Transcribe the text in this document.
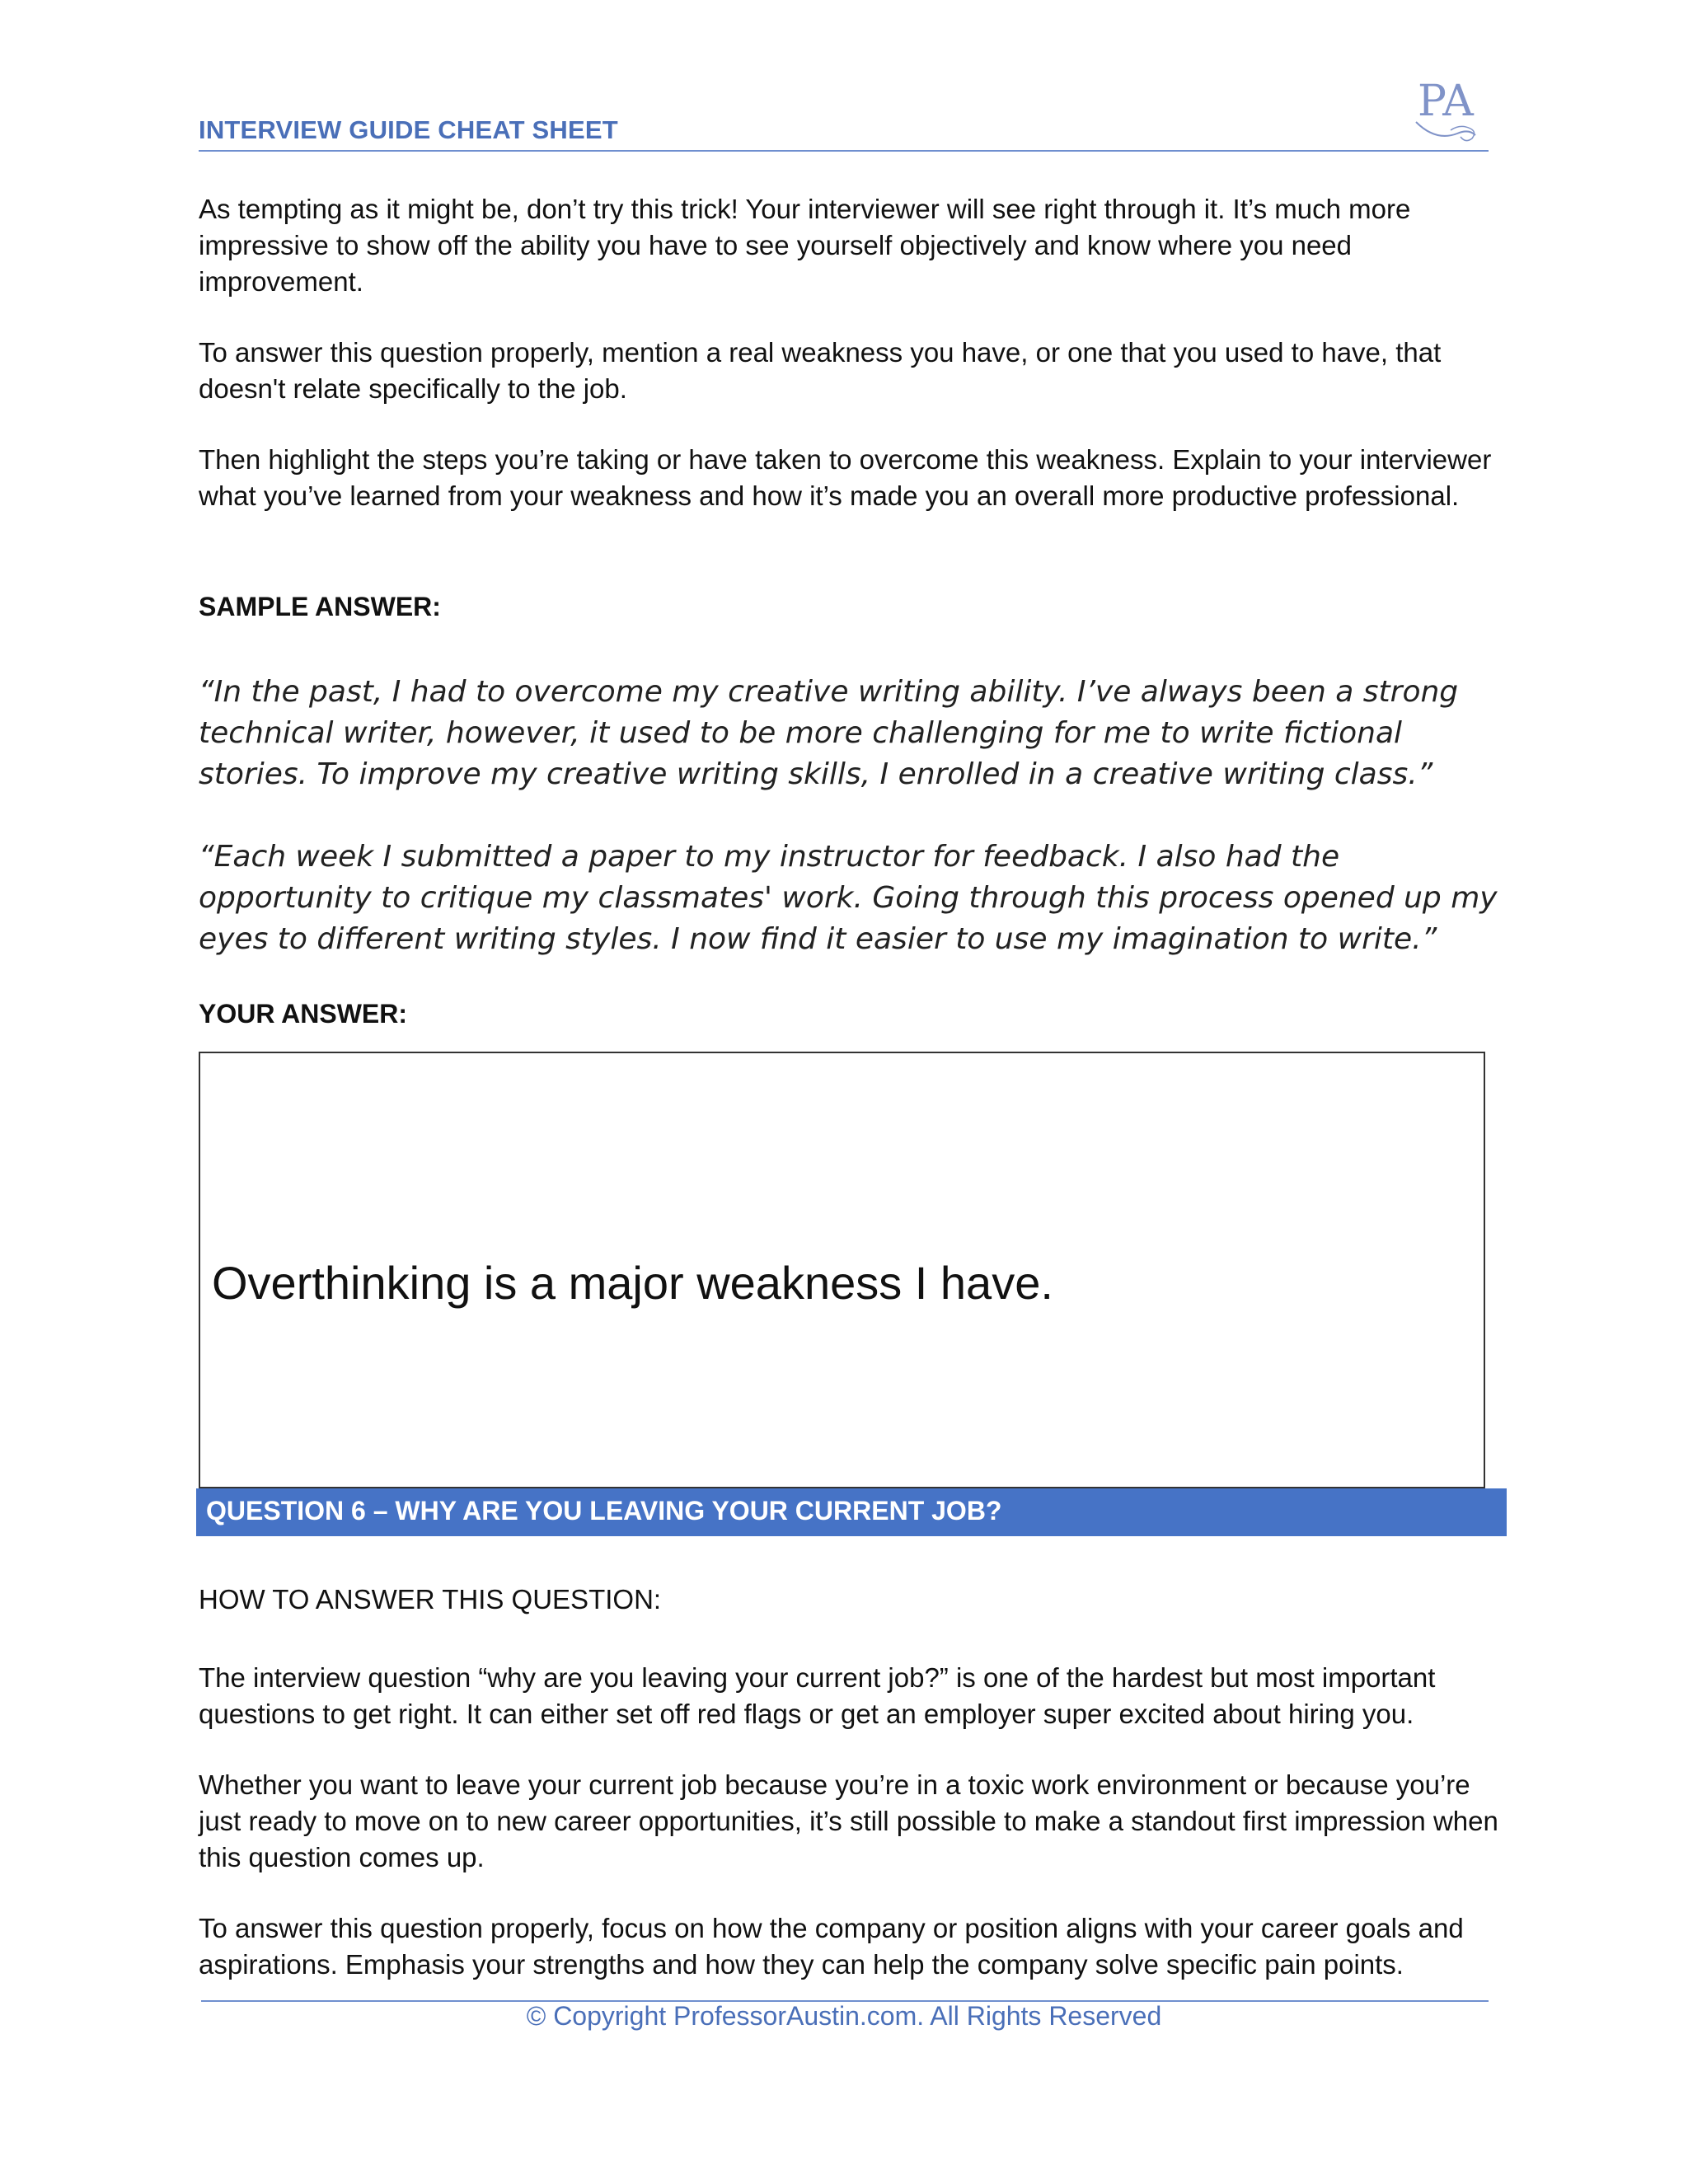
INTERVIEW GUIDE CHEAT SHEET
PA

As tempting as it might be, don’t try this trick! Your interviewer will see right through it. It’s much more impressive to show off the ability you have to see yourself objectively and know where you need improvement.

To answer this question properly, mention a real weakness you have, or one that you used to have, that doesn't relate specifically to the job.

Then highlight the steps you’re taking or have taken to overcome this weakness. Explain to your interviewer what you’ve learned from your weakness and how it’s made you an overall more productive professional.

SAMPLE ANSWER:

“In the past, I had to overcome my creative writing ability. I’ve always been a strong technical writer, however, it used to be more challenging for me to write fictional stories. To improve my creative writing skills, I enrolled in a creative writing class.”

“Each week I submitted a paper to my instructor for feedback. I also had the opportunity to critique my classmates' work. Going through this process opened up my eyes to different writing styles. I now find it easier to use my imagination to write.”

YOUR ANSWER:
Overthinking is a major weakness I have.
QUESTION 6 – WHY ARE YOU LEAVING YOUR CURRENT JOB?

HOW TO ANSWER THIS QUESTION:

The interview question “why are you leaving your current job?” is one of the hardest but most important questions to get right. It can either set off red flags or get an employer super excited about hiring you.

Whether you want to leave your current job because you’re in a toxic work environment or because you’re just ready to move on to new career opportunities, it’s still possible to make a standout first impression when this question comes up.

To answer this question properly, focus on how the company or position aligns with your career goals and aspirations. Emphasis your strengths and how they can help the company solve specific pain points.

© Copyright ProfessorAustin.com. All Rights Reserved
